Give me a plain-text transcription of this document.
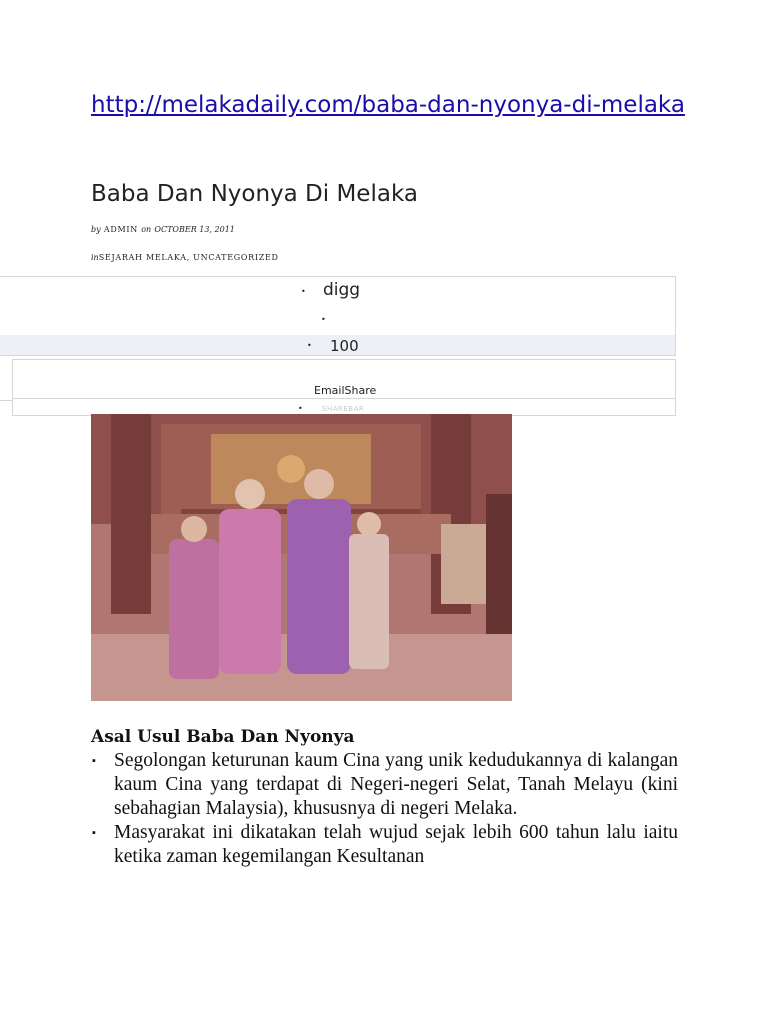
http://melakadaily.com/baba-dan-nyonya-di-melaka
Baba Dan Nyonya Di Melaka
by ADMIN on OCTOBER 13, 2011
inSEJARAH MELAKA, UNCATEGORIZED
• digg
•
• 100
EmailShare
•	SHAREBAR
Asal Usul Baba Dan Nyonya
▪ Segolongan keturunan kaum Cina yang unik kedudukannya di kalangan kaum Cina yang terdapat di Negeri-negeri Selat, Tanah Melayu (kini sebahagian Malaysia), khususnya di negeri Melaka.
▪ Masyarakat ini dikatakan telah wujud sejak lebih 600 tahun lalu iaitu ketika zaman kegemilangan Kesultanan
